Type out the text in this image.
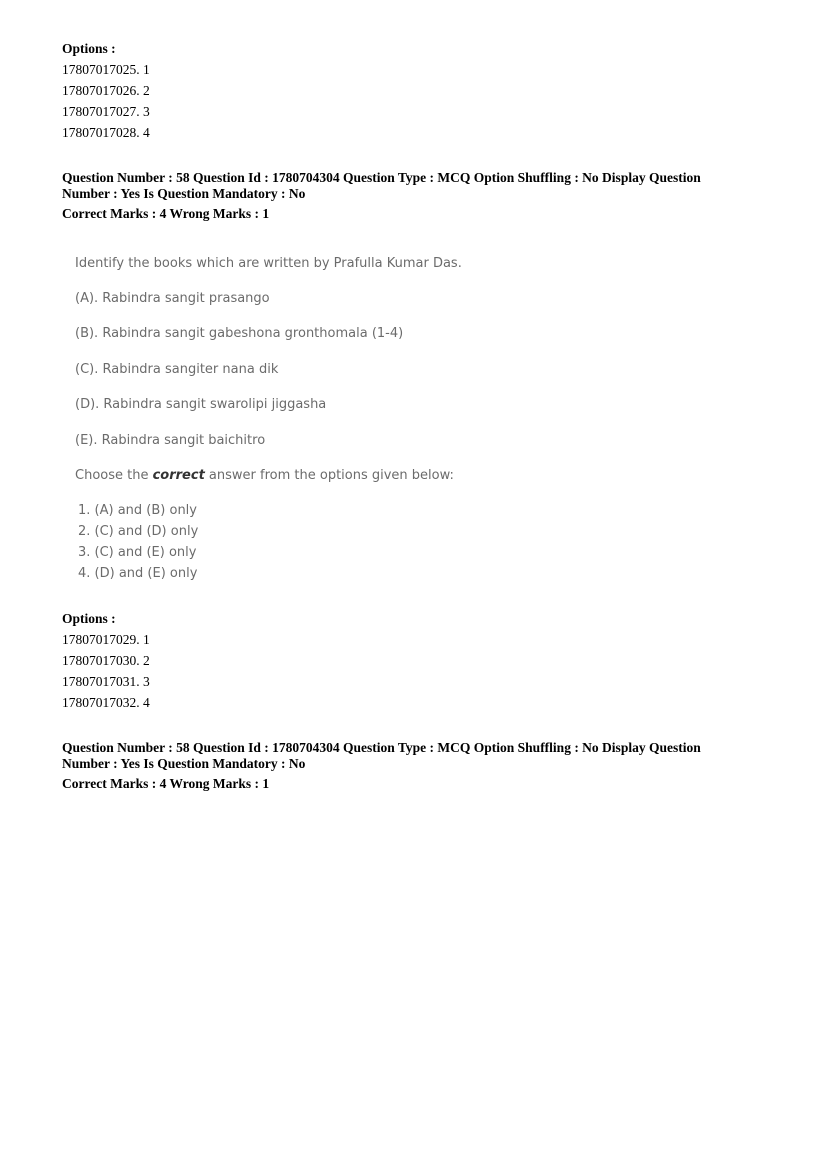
Options :
17807017025. 1
17807017026. 2
17807017027. 3
17807017028. 4
Question Number : 58 Question Id : 1780704304 Question Type : MCQ Option Shuffling : No Display Question
Number : Yes Is Question Mandatory : No
Correct Marks : 4 Wrong Marks : 1
Identify the books which are written by Prafulla Kumar Das.
(A). Rabindra sangit prasango
(B). Rabindra sangit gabeshona gronthomala (1-4)
(C). Rabindra sangiter nana dik
(D). Rabindra sangit swarolipi jiggasha
(E). Rabindra sangit baichitro
Choose the correct answer from the options given below:
1. (A) and (B) only
2. (C) and (D) only
3. (C) and (E) only
4. (D) and (E) only
Options :
17807017029. 1
17807017030. 2
17807017031. 3
17807017032. 4
Question Number : 58 Question Id : 1780704304 Question Type : MCQ Option Shuffling : No Display Question
Number : Yes Is Question Mandatory : No
Correct Marks : 4 Wrong Marks : 1
